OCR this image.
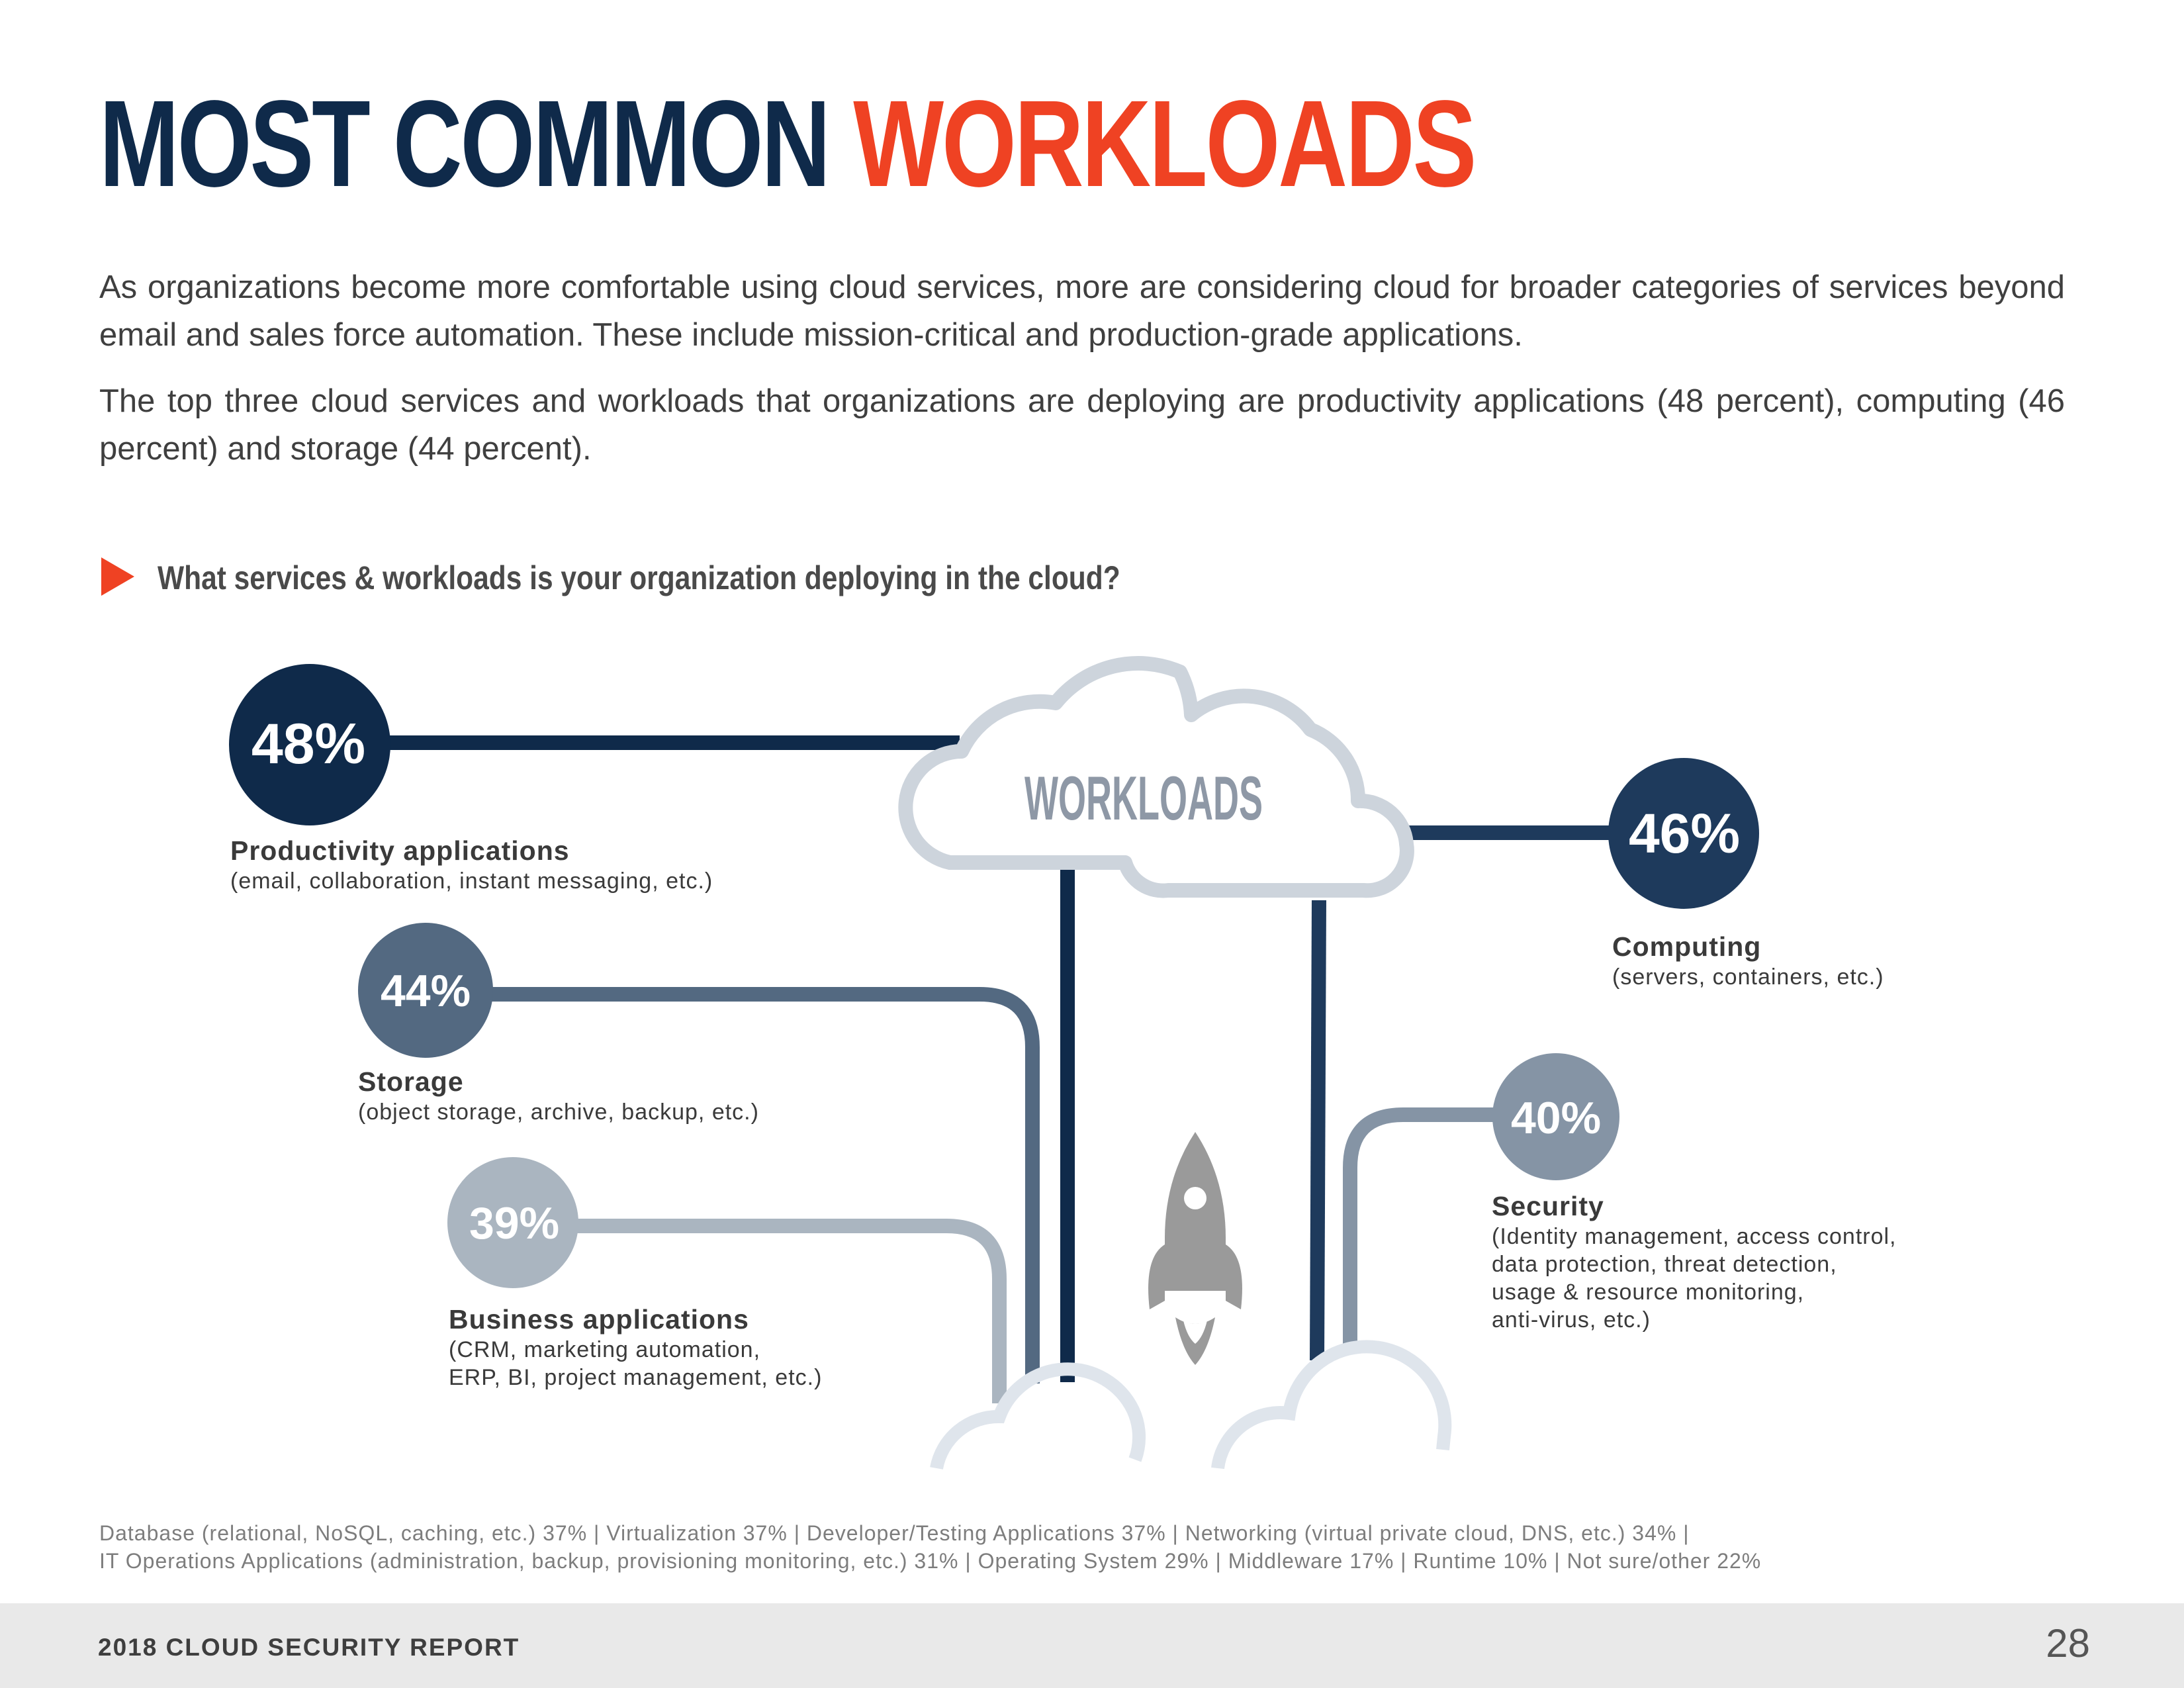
MOST COMMON WORKLOADS

As organizations become more comfortable using cloud services, more are considering cloud for broader categories of services beyond email and sales force automation. These include mission-critical and production-grade applications.

The top three cloud services and workloads that organizations are deploying are productivity applications (48 percent), computing (46 percent) and storage (44 percent).

What services & workloads is your organization deploying in the cloud?

WORKLOADS
48%
46%
44%
40%
39%
Productivity applications
(email, collaboration, instant messaging, etc.)
Computing
(servers, containers, etc.)
Storage
(object storage, archive, backup, etc.)
Security
(Identity management, access control,
data protection, threat detection,
usage & resource monitoring,
anti-virus, etc.)
Business applications
(CRM, marketing automation,
ERP, BI, project management, etc.)
Database (relational, NoSQL, caching, etc.) 37% | Virtualization 37% | Developer/Testing Applications 37% | Networking (virtual private cloud, DNS, etc.) 34% |
IT Operations Applications (administration, backup, provisioning monitoring, etc.) 31% | Operating System 29% | Middleware 17% | Runtime 10% | Not sure/other 22%

2018 CLOUD SECURITY REPORT	28
